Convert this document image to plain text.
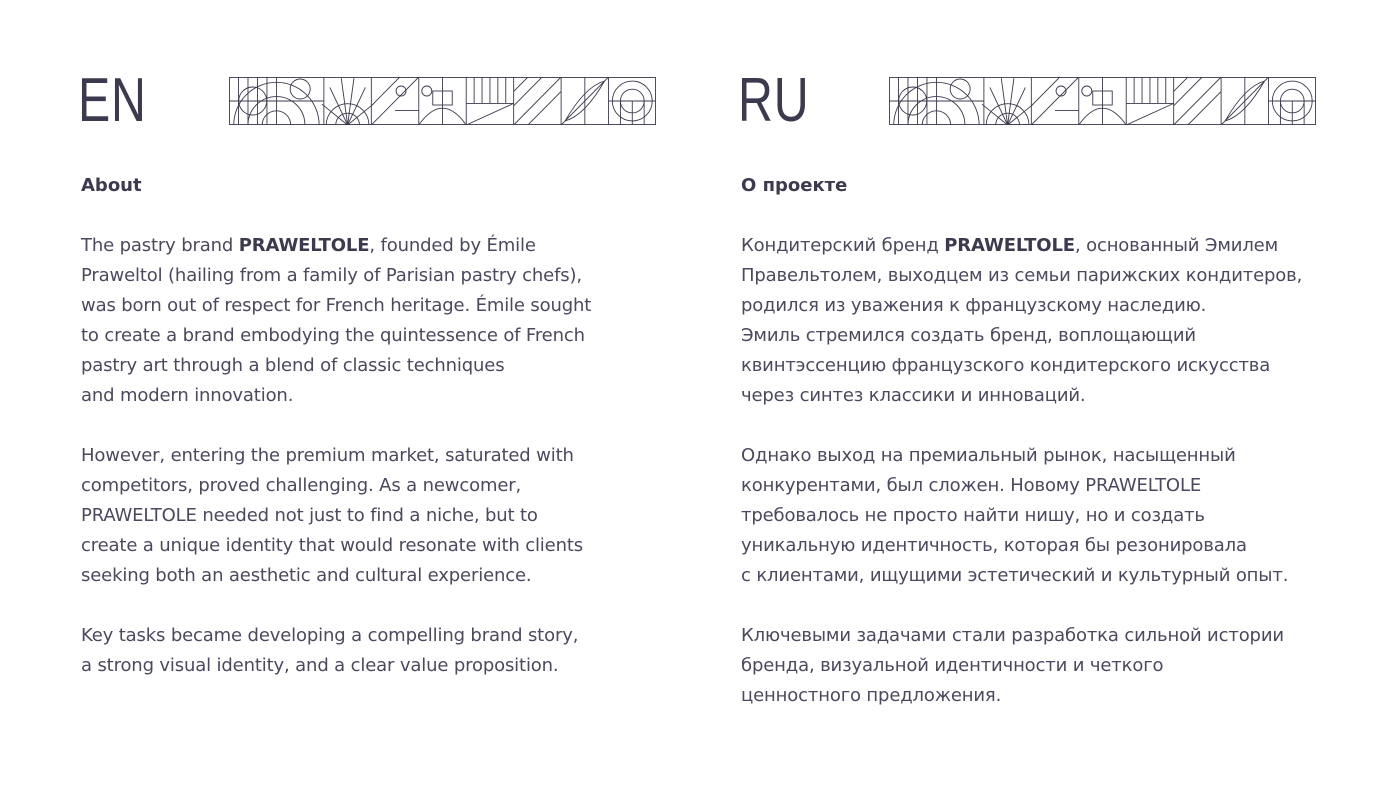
EN
About

The pastry brand PRAWELTOLE, founded by Émile
Praweltol (hailing from a family of Parisian pastry chefs),
was born out of respect for French heritage. Émile sought
to create a brand embodying the quintessence of French
pastry art through a blend of classic techniques
and modern innovation.

However, entering the premium market, saturated with
competitors, proved challenging. As a newcomer,
PRAWELTOLE needed not just to find a niche, but to
create a unique identity that would resonate with clients
seeking both an aesthetic and cultural experience.

Key tasks became developing a compelling brand story,
a strong visual identity, and a clear value proposition.

RU
О проекте

Кондитерский бренд PRAWELTOLE, основанный Эмилем
Правельтолем, выходцем из семьи парижских кондитеров,
родился из уважения к французскому наследию.
Эмиль стремился создать бренд, воплощающий
квинтэссенцию французского кондитерского искусства
через синтез классики и инноваций.

Однако выход на премиальный рынок, насыщенный
конкурентами, был сложен. Новому PRAWELTOLE
требовалось не просто найти нишу, но и создать
уникальную идентичность, которая бы резонировала
с клиентами, ищущими эстетический и культурный опыт.

Ключевыми задачами стали разработка сильной истории
бренда, визуальной идентичности и четкого
ценностного предложения.
